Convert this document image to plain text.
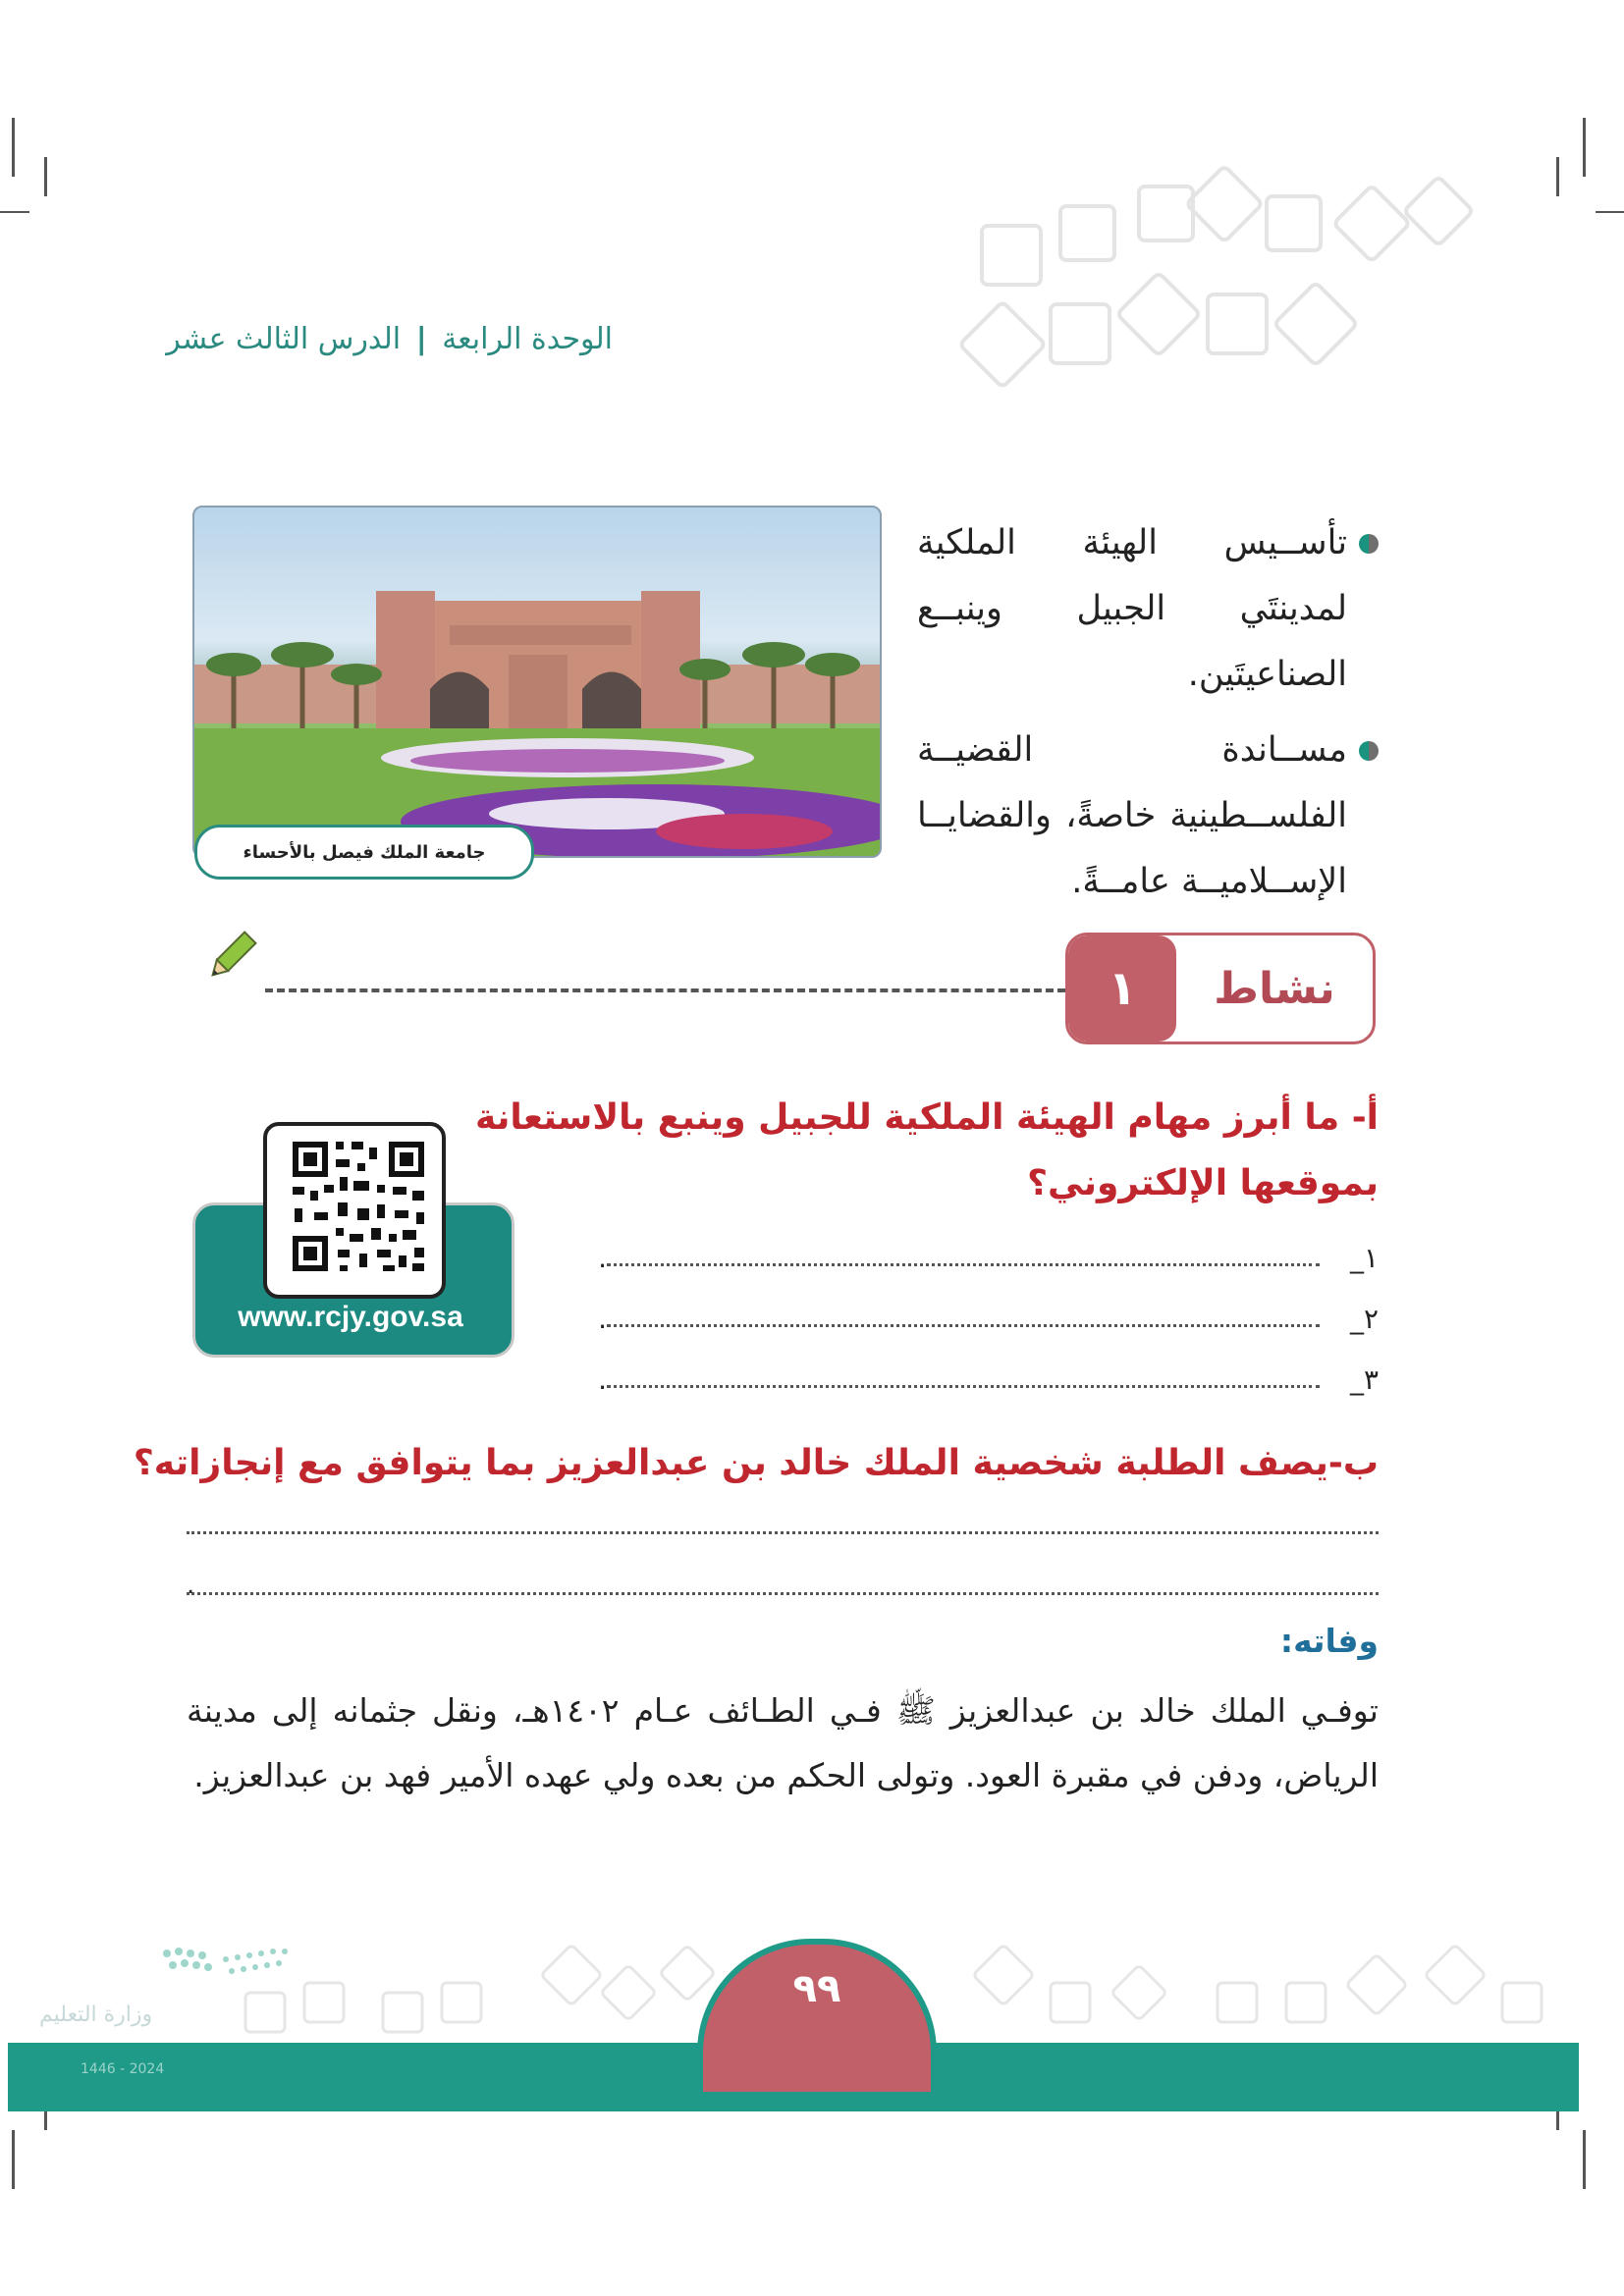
الوحدة الرابعة | الدرس الثالث عشر

تأســيس الهيئة الملكية لمدينتَي الجبيل وينبــع الصناعيتَين.

مســاندة القضيــة الفلســطينية خاصةً، والقضايــا الإســلاميــة عامــةً.

جامعة الملك فيصل بالأحساء
١	نشاط
أ- ما أبرز مهام الهيئة الملكية للجبيل وينبع بالاستعانة
بموقعها الإلكتروني؟
١_
.
٢_
.
٣_
.
www.rcjy.gov.sa
ب-يصف الطلبة شخصية الملك خالد بن عبدالعزيز بما يتوافق مع إنجازاته؟
.
وفاته:
توفـي الملك خالد بن عبدالعزيز ﷺ فـي الطـائف عـام ١٤٠٢هـ، ونقل جثمانه إلى مدينة الرياض، ودفن في مقبرة العود. وتولى الحكم من بعده ولي عهده الأمير فهد بن عبدالعزيز.
٩٩
وزارة التعليم
2024 - 1446
